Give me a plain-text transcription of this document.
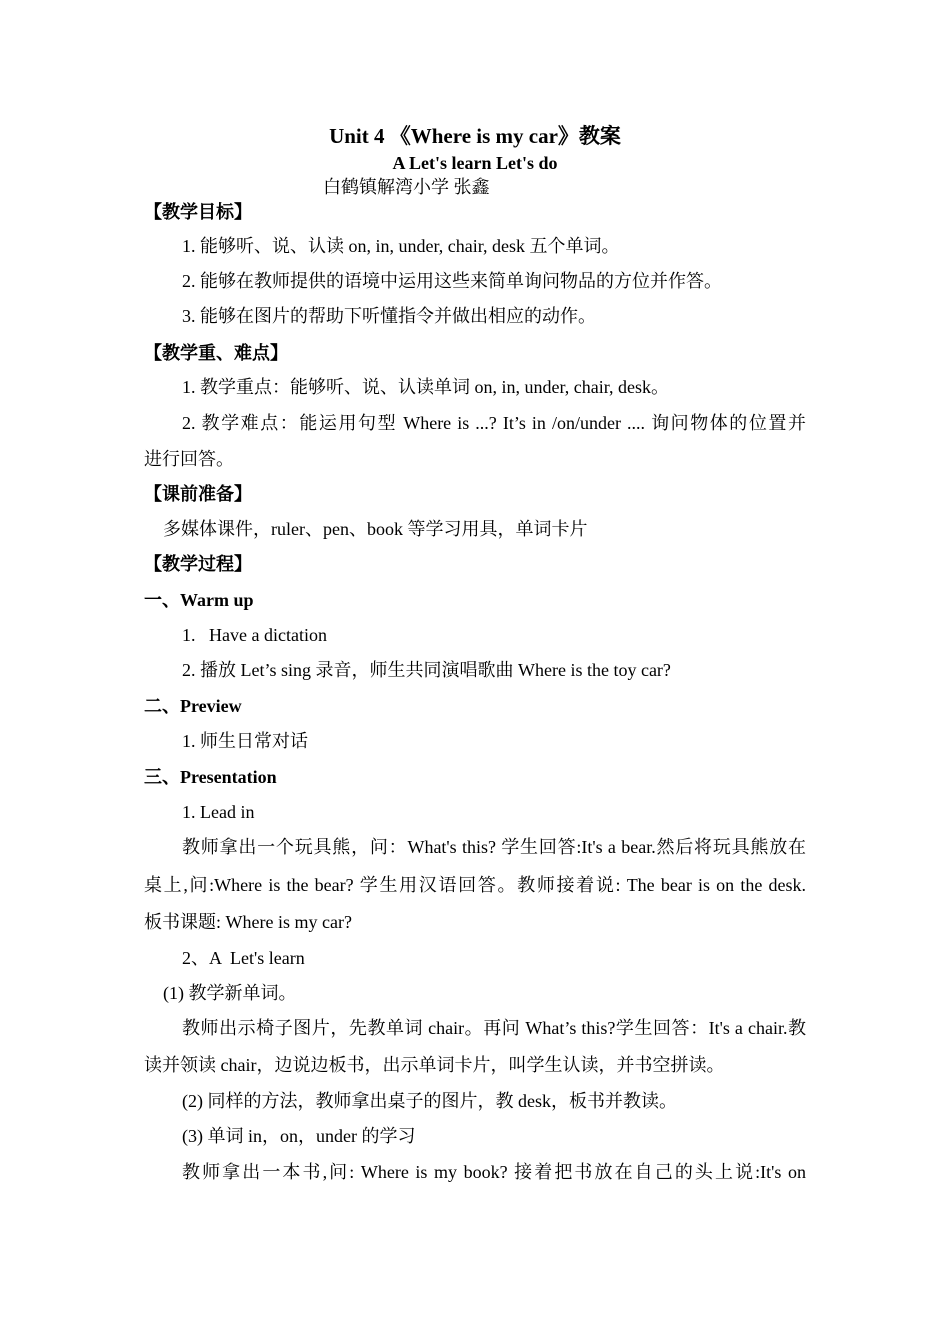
Unit 4 《Where is my car》教案
A Let's learn Let's do
白鹤镇解湾小学 张鑫
【教学目标】
1. 能够听、说、认读 on, in, under, chair, desk 五个单词。
2. 能够在教师提供的语境中运用这些来简单询问物品的方位并作答。
3. 能够在图片的帮助下听懂指令并做出相应的动作。
【教学重、难点】
1. 教学重点：能够听、说、认读单词 on, in, under, chair, desk。
2. 教学难点：能运用句型 Where is ...? It’s in /on/under .... 询问物体的位置并
进行回答。
【课前准备】
多媒体课件，ruler、pen、book 等学习用具，单词卡片
【教学过程】
一、Warm up
1.   Have a dictation
2. 播放 Let’s sing 录音，师生共同演唱歌曲 Where is the toy car?
二、Preview
1. 师生日常对话
三、Presentation
1. Lead in
教师拿出一个玩具熊，问：What's this? 学生回答:It's a bear.然后将玩具熊放在
桌上,问:Where is the bear? 学生用汉语回答。教师接着说: The bear is on the desk.
板书课题: Where is my car?
2、A  Let's learn
(1) 教学新单词。
教师出示椅子图片，先教单词 chair。再问 What’s this?学生回答：It's a chair.教
读并领读 chair，边说边板书，出示单词卡片，叫学生认读，并书空拼读。
(2) 同样的方法，教师拿出桌子的图片，教 desk，板书并教读。
(3) 单词 in，on，under 的学习
教师拿出一本书,问: Where is my book? 接着把书放在自己的头上说:It's on
